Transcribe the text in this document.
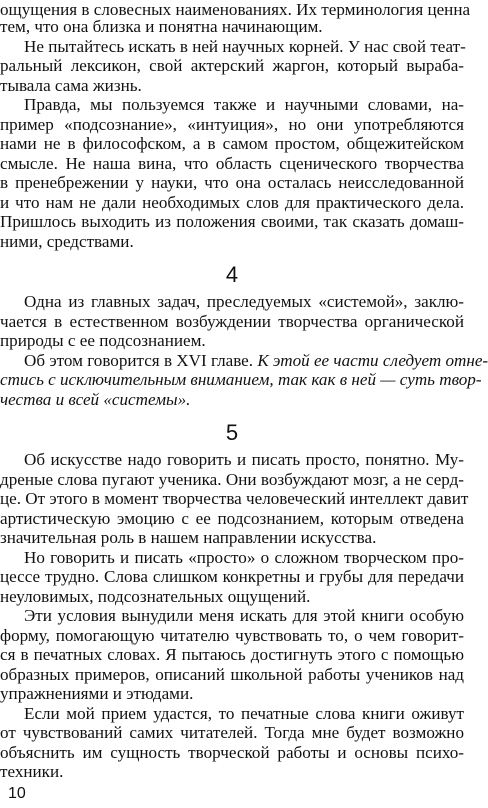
ощущения в словесных наименованиях. Их терминология ценна
тем, что она близка и понятна начинающим.
Не пытайтесь искать в ней научных корней. У нас свой теат-
ральный лексикон, свой актерский жаргон, который выраба-
тывала сама жизнь.
Правда, мы пользуемся также и научными словами, на-
пример «подсознание», «интуиция», но они употребляются
нами не в философском, а в самом простом, общежитейском
смысле. Не наша вина, что область сценического творчества
в пренебрежении у науки, что она осталась неисследованной
и что нам не дали необходимых слов для практического дела.
Пришлось выходить из положения своими, так сказать домаш-
ними, средствами.
4
Одна из главных задач, преследуемых «системой», заклю-
чается в естественном возбуждении творчества органической
природы с ее подсознанием.
Об этом говорится в XVI главе. К этой ее части следует отне-
стись с исключительным вниманием, так как в ней — суть твор-
чества и всей «системы».
5
Об искусстве надо говорить и писать просто, понятно. Му-
дреные слова пугают ученика. Они возбуждают мозг, а не серд-
це. От этого в момент творчества человеческий интеллект давит
артистическую эмоцию с ее подсознанием, которым отведена
значительная роль в нашем направлении искусства.
Но говорить и писать «просто» о сложном творческом про-
цессе трудно. Слова слишком конкретны и грубы для передачи
неуловимых, подсознательных ощущений.
Эти условия вынудили меня искать для этой книги особую
форму, помогающую читателю чувствовать то, о чем говорит-
ся в печатных словах. Я пытаюсь достигнуть этого с помощью
образных примеров, описаний школьной работы учеников над
упражнениями и этюдами.
Если мой прием удастся, то печатные слова книги оживут
от чувствований самих читателей. Тогда мне будет возможно
объяснить им сущность творческой работы и основы психо-
техники.
10
